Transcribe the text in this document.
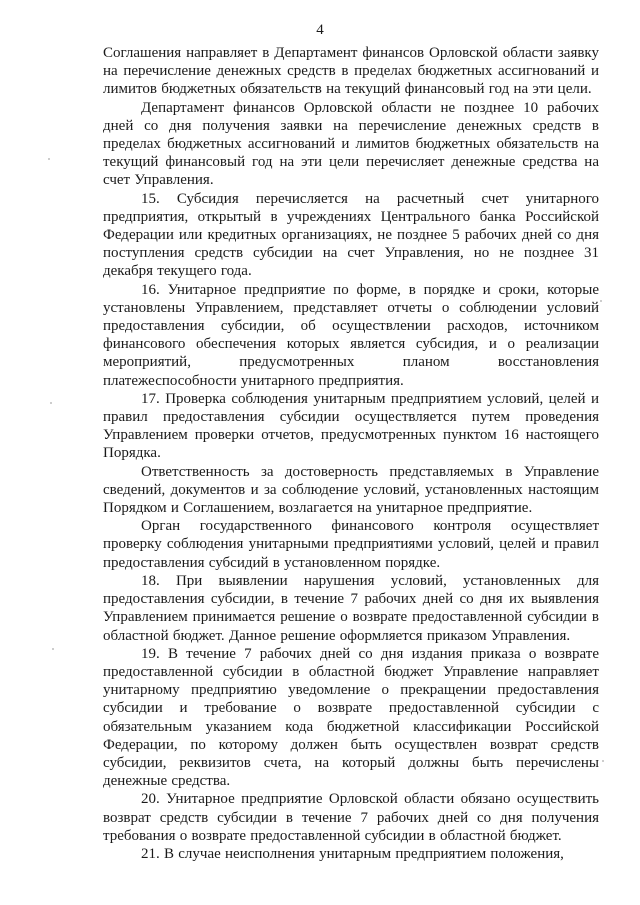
4

Соглашения направляет в Департамент финансов Орловской области заявку на перечисление денежных средств в пределах бюджетных ассигнований и лимитов бюджетных обязательств на текущий финансовый год на эти цели.

Департамент финансов Орловской области не позднее 10 рабочих дней со дня получения заявки на перечисление денежных средств в пределах бюджетных ассигнований и лимитов бюджетных обязательств на текущий финансовый год на эти цели перечисляет денежные средства на счет Управления.

15. Субсидия перечисляется на расчетный счет унитарного предприятия, открытый в учреждениях Центрального банка Российской Федерации или кредитных организациях, не позднее 5 рабочих дней со дня поступления средств субсидии на счет Управления, но не позднее 31 декабря текущего года.

16. Унитарное предприятие по форме, в порядке и сроки, которые установлены Управлением, представляет отчеты о соблюдении условий предоставления субсидии, об осуществлении расходов, источником финансового обеспечения которых является субсидия, и о реализации мероприятий, предусмотренных планом восстановления платежеспособности унитарного предприятия.

17. Проверка соблюдения унитарным предприятием условий, целей и правил предоставления субсидии осуществляется путем проведения Управлением проверки отчетов, предусмотренных пунктом 16 настоящего Порядка.

Ответственность за достоверность представляемых в Управление сведений, документов и за соблюдение условий, установленных настоящим Порядком и Соглашением, возлагается на унитарное предприятие.

Орган государственного финансового контроля осуществляет проверку соблюдения унитарными предприятиями условий, целей и правил предоставления субсидий в установленном порядке.

18. При выявлении нарушения условий, установленных для предоставления субсидии, в течение 7 рабочих дней со дня их выявления Управлением принимается решение о возврате предоставленной субсидии в областной бюджет. Данное решение оформляется приказом Управления.

19. В течение 7 рабочих дней со дня издания приказа о возврате предоставленной субсидии в областной бюджет Управление направляет унитарному предприятию уведомление о прекращении предоставления субсидии и требование о возврате предоставленной субсидии с обязательным указанием кода бюджетной классификации Российской Федерации, по которому должен быть осуществлен возврат средств субсидии, реквизитов счета, на который должны быть перечислены денежные средства.

20. Унитарное предприятие Орловской области обязано осуществить возврат средств субсидии в течение 7 рабочих дней со дня получения требования о возврате предоставленной субсидии в областной бюджет.

21. В случае неисполнения унитарным предприятием положения,
